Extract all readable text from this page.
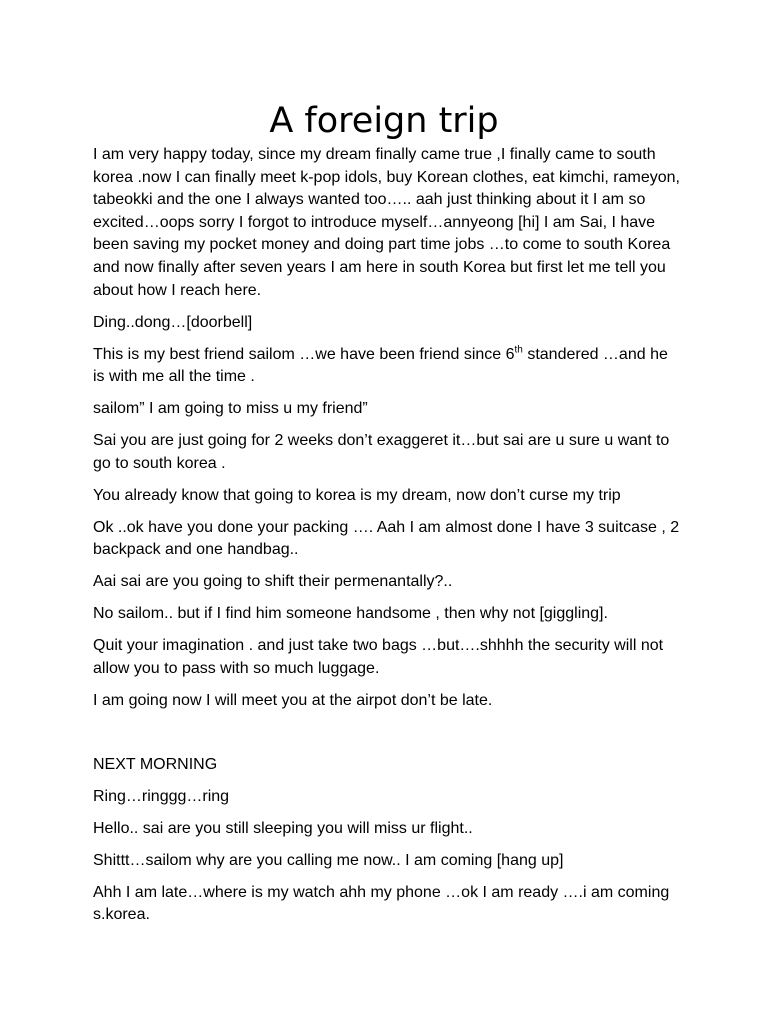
A foreign trip

I am very happy today, since my dream finally came true ,I finally came to south korea .now I can finally meet k-pop idols, buy Korean clothes, eat kimchi, rameyon, tabeokki and the one I always wanted too….. aah just thinking about it I am so excited…oops sorry I forgot to introduce myself…annyeong [hi] I am Sai, I have been saving my pocket money and doing part time jobs …to come to south Korea and now finally after seven years I am here in south Korea but first let me tell you about how I reach here.

Ding..dong…[doorbell]

This is my best friend sailom …we have been friend since 6th standered …and he is with me all the time .

sailom” I am going to miss u my friend”

Sai you are just going for 2 weeks don’t exaggeret it…but sai are u sure u want to go to south korea .

You already know that going to korea is my dream, now don’t curse my trip

Ok ..ok have you done your packing …. Aah I am almost done I have 3 suitcase , 2 backpack and one handbag..

Aai sai are you going to shift their permenantally?..

No sailom.. but if I find him someone handsome , then why not [giggling].

Quit your imagination . and just take two bags …but….shhhh the security will not allow you to pass with so much luggage.

I am going now I will meet you at the airpot don’t be late.

NEXT MORNING

Ring…ringgg…ring

Hello.. sai are you still sleeping you will miss ur flight..

Shittt…sailom why are you calling me now.. I am coming [hang up]

Ahh I am late…where is my watch ahh my phone …ok I am ready ….i am coming s.korea.
